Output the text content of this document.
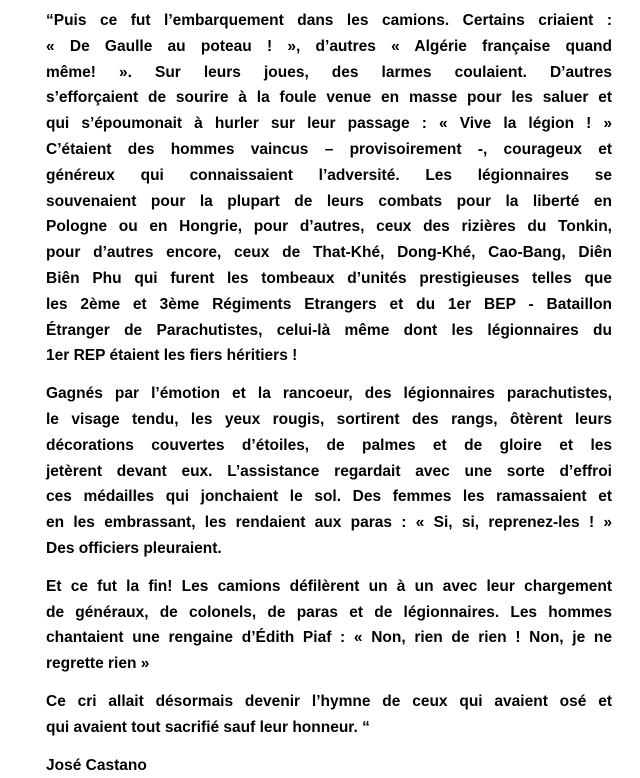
“Puis ce fut l’embarquement dans les camions. Certains criaient :
« De Gaulle au poteau ! », d’autres « Algérie française quand
même! ». Sur leurs joues, des larmes coulaient. D’autres
s’efforçaient de sourire à la foule venue en masse pour les saluer et
qui s’époumonait à hurler sur leur passage : « Vive la légion ! »
C’étaient des hommes vaincus – provisoirement -, courageux et
généreux qui connaissaient l’adversité. Les légionnaires se
souvenaient pour la plupart de leurs combats pour la liberté en
Pologne ou en Hongrie, pour d’autres, ceux des rizières du Tonkin,
pour d’autres encore, ceux de That-Khé, Dong-Khé, Cao-Bang, Diên
Biên Phu qui furent les tombeaux d’unités prestigieuses telles que
les 2ème et 3ème Régiments Etrangers et du 1er BEP - Bataillon
Étranger de Parachutistes, celui-là même dont les légionnaires du
1er REP étaient les fiers héritiers !
Gagnés par l’émotion et la rancoeur, des légionnaires parachutistes,
le visage tendu, les yeux rougis, sortirent des rangs, ôtèrent leurs
décorations couvertes d’étoiles, de palmes et de gloire et les
jetèrent devant eux. L’assistance regardait avec une sorte d’effroi
ces médailles qui jonchaient le sol. Des femmes les ramassaient et
en les embrassant, les rendaient aux paras : « Si, si, reprenez-les ! »
Des officiers pleuraient.
Et ce fut la fin! Les camions défilèrent un à un avec leur chargement
de généraux, de colonels, de paras et de légionnaires. Les hommes
chantaient une rengaine d’Édith Piaf : « Non, rien de rien ! Non, je ne
regrette rien »
Ce cri allait désormais devenir l’hymne de ceux qui avaient osé et
qui avaient tout sacrifié sauf leur honneur. “
José Castano
